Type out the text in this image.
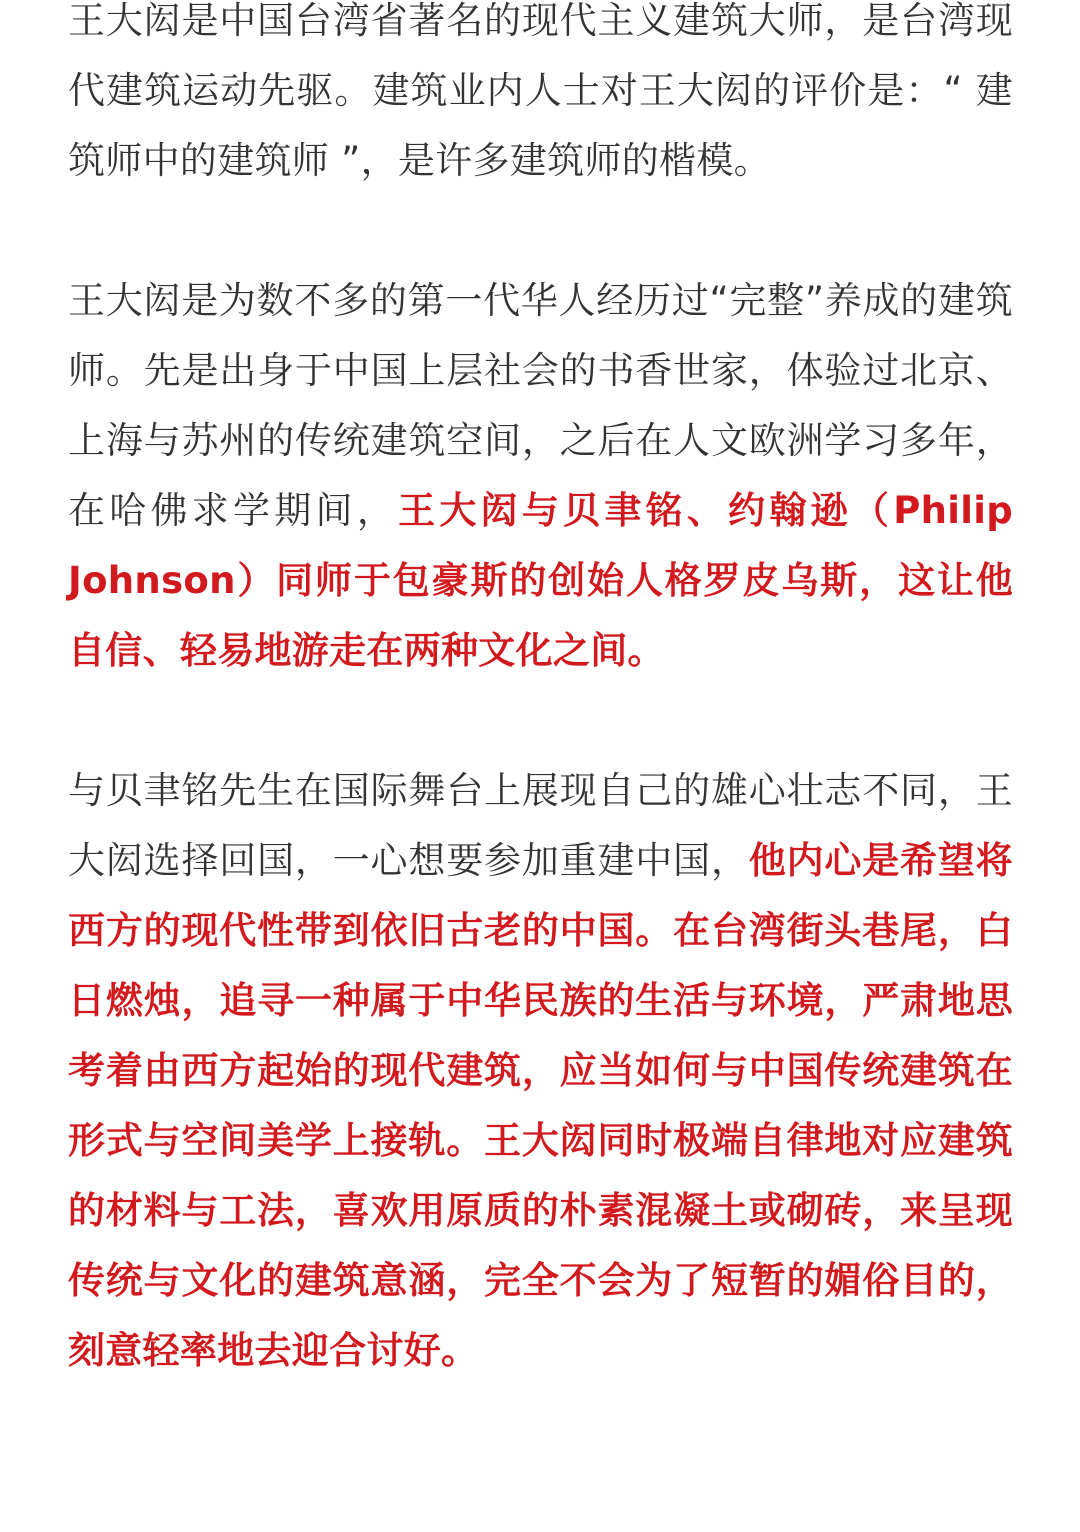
王大闳是中国台湾省著名的现代主义建筑大师，是台湾现代建筑运动先驱。建筑业内人士对王大闳的评价是：“ 建筑师中的建筑师 ”，是许多建筑师的楷模。

王大闳是为数不多的第一代华人经历过“完整”养成的建筑师。先是出身于中国上层社会的书香世家，体验过北京、上海与苏州的传统建筑空间，之后在人文欧洲学习多年，在哈佛求学期间，王大闳与贝聿铭、约翰逊（Philip Johnson）同师于包豪斯的创始人格罗皮乌斯，这让他自信、轻易地游走在两种文化之间。

与贝聿铭先生在国际舞台上展现自己的雄心壮志不同，王大闳选择回国，一心想要参加重建中国，他内心是希望将西方的现代性带到依旧古老的中国。在台湾街头巷尾，白日燃烛，追寻一种属于中华民族的生活与环境，严肃地思考着由西方起始的现代建筑，应当如何与中国传统建筑在形式与空间美学上接轨。王大闳同时极端自律地对应建筑的材料与工法，喜欢用原质的朴素混凝土或砌砖，来呈现传统与文化的建筑意涵，完全不会为了短暂的媚俗目的，刻意轻率地去迎合讨好。
